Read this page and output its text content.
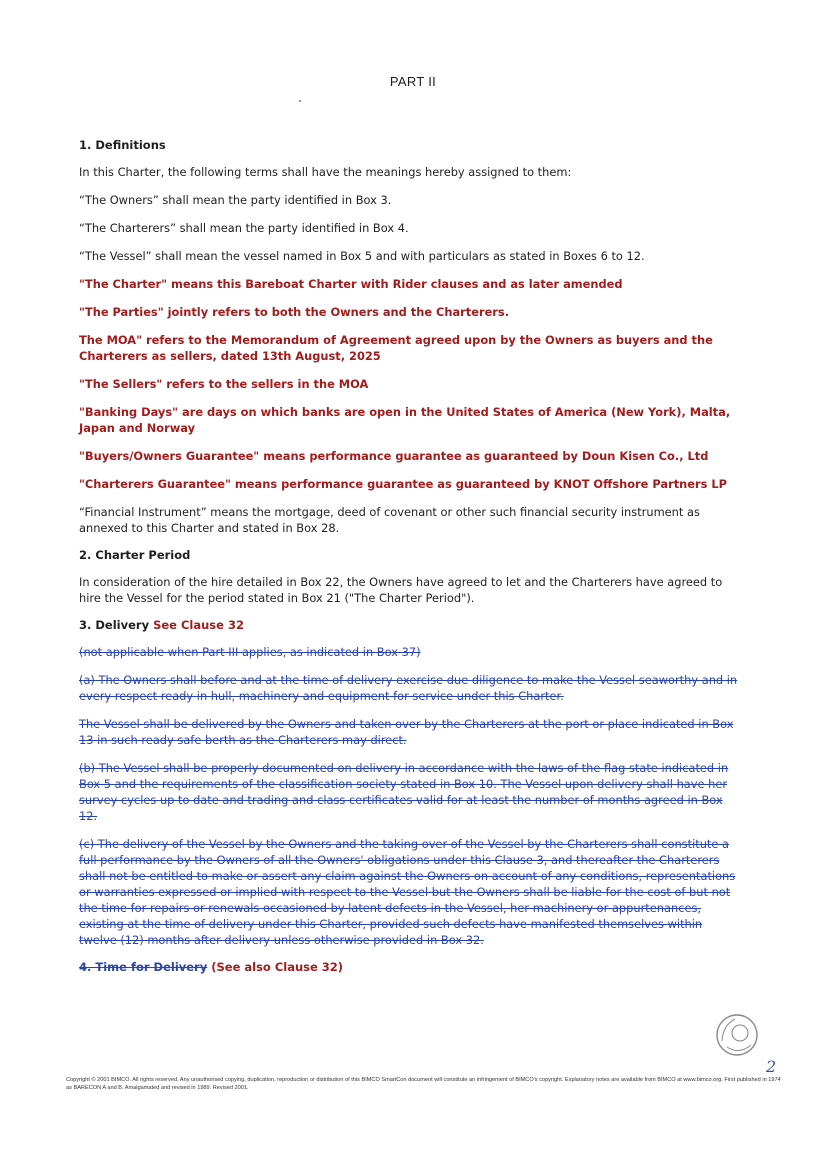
PART II
1. Definitions
In this Charter, the following terms shall have the meanings hereby assigned to them:
“The Owners” shall mean the party identified in Box 3.
“The Charterers” shall mean the party identified in Box 4.
“The Vessel” shall mean the vessel named in Box 5 and with particulars as stated in Boxes 6 to 12.
"The Charter" means this Bareboat Charter with Rider clauses and as later amended
"The Parties" jointly refers to both the Owners and the Charterers.
The MOA" refers to the Memorandum of Agreement agreed upon by the Owners as buyers and the Charterers as sellers, dated 13th August, 2025
"The Sellers" refers to the sellers in the MOA
"Banking Days" are days on which banks are open in the United States of America (New York), Malta, Japan and Norway
"Buyers/Owners Guarantee" means performance guarantee as guaranteed by Doun Kisen Co., Ltd
"Charterers Guarantee" means performance guarantee as guaranteed by KNOT Offshore Partners LP
“Financial Instrument” means the mortgage, deed of covenant or other such financial security instrument as annexed to this Charter and stated in Box 28.
2. Charter Period
In consideration of the hire detailed in Box 22, the Owners have agreed to let and the Charterers have agreed to hire the Vessel for the period stated in Box 21 ("The Charter Period").
3. Delivery See Clause 32
(not applicable when Part III applies, as indicated in Box 37)
(a) The Owners shall before and at the time of delivery exercise due diligence to make the Vessel seaworthy and in every respect ready in hull, machinery and equipment for service under this Charter.
The Vessel shall be delivered by the Owners and taken over by the Charterers at the port or place indicated in Box 13 in such ready safe berth as the Charterers may direct.
(b) The Vessel shall be properly documented on delivery in accordance with the laws of the flag state indicated in Box 5 and the requirements of the classification society stated in Box 10. The Vessel upon delivery shall have her survey cycles up to date and trading and class certificates valid for at least the number of months agreed in Box 12.
(c) The delivery of the Vessel by the Owners and the taking over of the Vessel by the Charterers shall constitute a full performance by the Owners of all the Owners' obligations under this Clause 3, and thereafter the Charterers shall not be entitled to make or assert any claim against the Owners on account of any conditions, representations or warranties expressed or implied with respect to the Vessel but the Owners shall be liable for the cost of but not the time for repairs or renewals occasioned by latent defects in the Vessel, her machinery or appurtenances, existing at the time of delivery under this Charter, provided such defects have manifested themselves within twelve (12) months after delivery unless otherwise provided in Box 32.
4. Time for Delivery (See also Clause 32)
2
Copyright © 2001 BIMCO. All rights reserved. Any unauthorised copying, duplication, reproduction or distribution of this BIMCO SmartCon document will constitute an infringement of BIMCO's copyright. Explanatory notes are available from BIMCO at www.bimco.org. First published in 1974 as BARECON A and B. Amalgamated and revised in 1989. Revised 2001.
